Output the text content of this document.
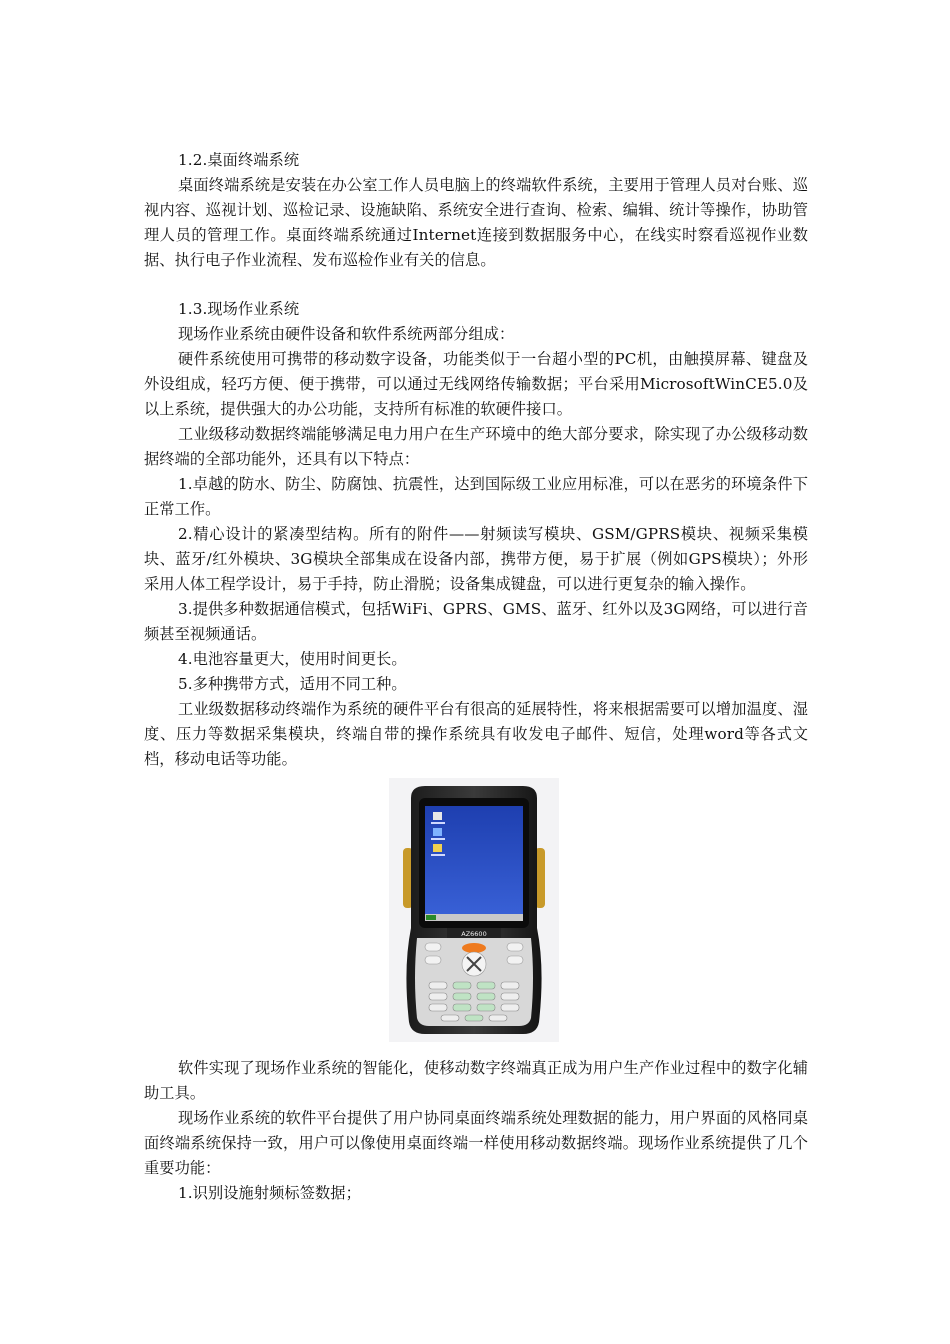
1.2.桌面终端系统

桌面终端系统是安装在办公室工作人员电脑上的终端软件系统，主要用于管理人员对台账、巡视内容、巡视计划、巡检记录、设施缺陷、系统安全进行查询、检索、编辑、统计等操作，协助管理人员的管理工作。桌面终端系统通过Internet连接到数据服务中心，在线实时察看巡视作业数据、执行电子作业流程、发布巡检作业有关的信息。

1.3.现场作业系统

现场作业系统由硬件设备和软件系统两部分组成：

硬件系统使用可携带的移动数字设备，功能类似于一台超小型的PC机，由触摸屏幕、键盘及外设组成，轻巧方便、便于携带，可以通过无线网络传输数据；平台采用MicrosoftWinCE5.0及以上系统，提供强大的办公功能，支持所有标准的软硬件接口。

工业级移动数据终端能够满足电力用户在生产环境中的绝大部分要求，除实现了办公级移动数据终端的全部功能外，还具有以下特点：

1.卓越的防水、防尘、防腐蚀、抗震性，达到国际级工业应用标准，可以在恶劣的环境条件下正常工作。

2.精心设计的紧凑型结构。所有的附件——射频读写模块、GSM/GPRS模块、视频采集模块、蓝牙/红外模块、3G模块全部集成在设备内部，携带方便，易于扩展（例如GPS模块）；外形采用人体工程学设计，易于手持，防止滑脱；设备集成键盘，可以进行更复杂的输入操作。

3.提供多种数据通信模式，包括WiFi、GPRS、GMS、蓝牙、红外以及3G网络，可以进行音频甚至视频通话。

4.电池容量更大，使用时间更长。

5.多种携带方式，适用不同工种。

工业级数据移动终端作为系统的硬件平台有很高的延展特性，将来根据需要可以增加温度、湿度、压力等数据采集模块，终端自带的操作系统具有收发电子邮件、短信，处理word等各式文档，移动电话等功能。

AZ6600

软件实现了现场作业系统的智能化，使移动数字终端真正成为用户生产作业过程中的数字化辅助工具。

现场作业系统的软件平台提供了用户协同桌面终端系统处理数据的能力，用户界面的风格同桌面终端系统保持一致，用户可以像使用桌面终端一样使用移动数据终端。现场作业系统提供了几个重要功能：

1.识别设施射频标签数据；
